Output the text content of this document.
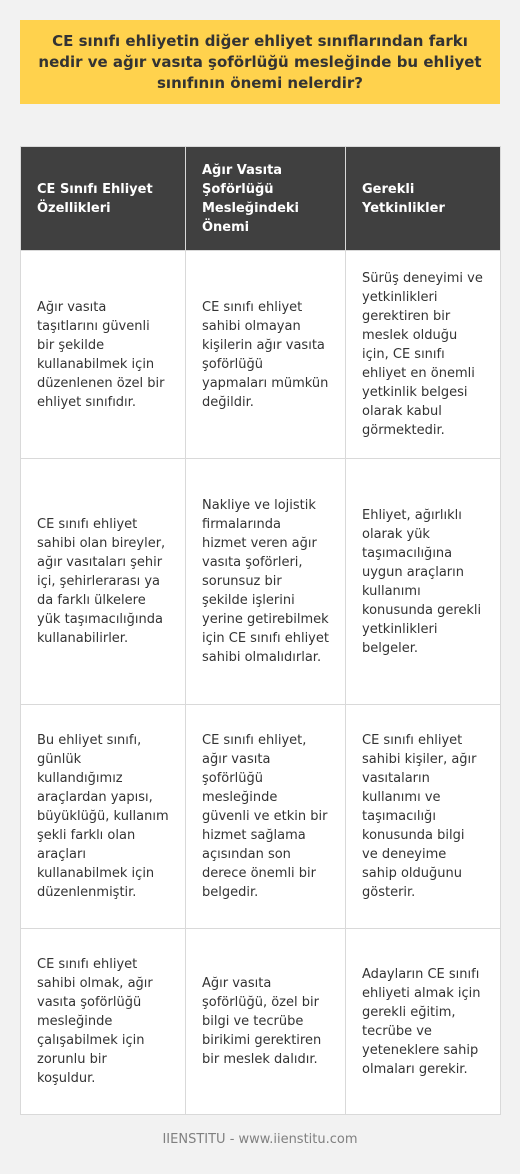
CE sınıfı ehliyetin diğer ehliyet sınıflarından farkı nedir ve ağır vasıta şoförlüğü mesleğinde bu ehliyet sınıfının önemi nelerdir?
CE Sınıfı Ehliyet Özellikleri	Ağır Vasıta Şoförlüğü Mesleğindeki Önemi	Gerekli Yetkinlikler
Ağır vasıta taşıtlarını güvenli bir şekilde kullanabilmek için düzenlenen özel bir ehliyet sınıfıdır.	CE sınıfı ehliyet sahibi olmayan kişilerin ağır vasıta şoförlüğü yapmaları mümkün değildir.	Sürüş deneyimi ve yetkinlikleri gerektiren bir meslek olduğu için, CE sınıfı ehliyet en önemli yetkinlik belgesi olarak kabul görmektedir.
CE sınıfı ehliyet sahibi olan bireyler, ağır vasıtaları şehir içi, şehirlerarası ya da farklı ülkelere yük taşımacılığında kullanabilirler.	Nakliye ve lojistik firmalarında hizmet veren ağır vasıta şoförleri, sorunsuz bir şekilde işlerini yerine getirebilmek için CE sınıfı ehliyet sahibi olmalıdırlar.	Ehliyet, ağırlıklı olarak yük taşımacılığına uygun araçların kullanımı konusunda gerekli yetkinlikleri belgeler.
Bu ehliyet sınıfı, günlük kullandığımız araçlardan yapısı, büyüklüğü, kullanım şekli farklı olan araçları kullanabilmek için düzenlenmiştir.	CE sınıfı ehliyet, ağır vasıta şoförlüğü mesleğinde güvenli ve etkin bir hizmet sağlama açısından son derece önemli bir belgedir.	CE sınıfı ehliyet sahibi kişiler, ağır vasıtaların kullanımı ve taşımacılığı konusunda bilgi ve deneyime sahip olduğunu gösterir.
CE sınıfı ehliyet sahibi olmak, ağır vasıta şoförlüğü mesleğinde çalışabilmek için zorunlu bir koşuldur.	Ağır vasıta şoförlüğü, özel bir bilgi ve tecrübe birikimi gerektiren bir meslek dalıdır.	Adayların CE sınıfı ehliyeti almak için gerekli eğitim, tecrübe ve yeteneklere sahip olmaları gerekir.
IIENSTITU - www.iienstitu.com
